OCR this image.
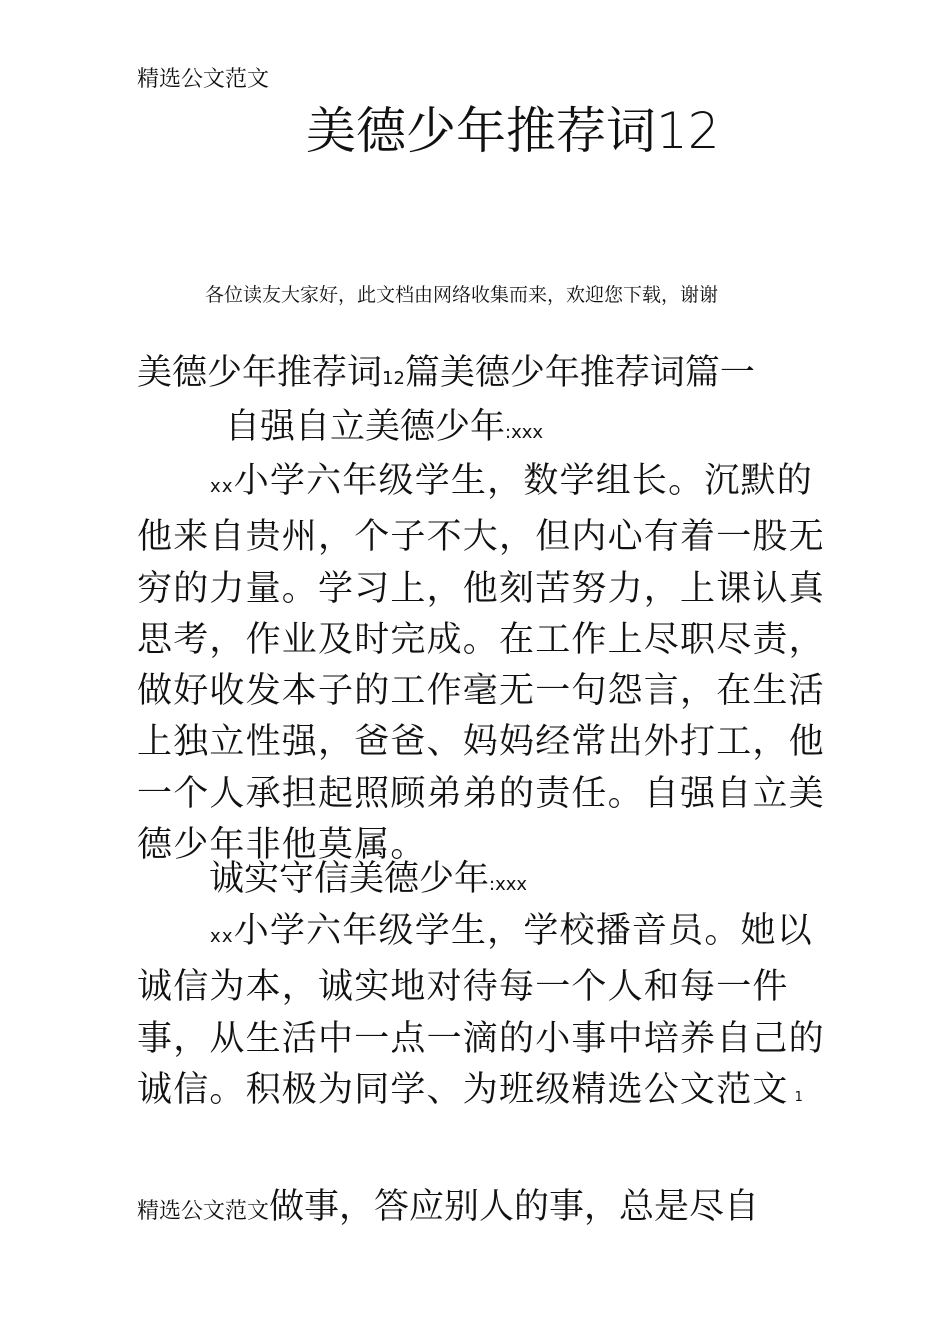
精选公文范文
美德少年推荐词12
各位读友大家好，此文档由网络收集而来，欢迎您下载，谢谢
美德少年推荐词12篇美德少年推荐词篇一
自强自立美德少年:xxx
xx小学六年级学生，数学组长。沉默的他来自贵州，个子不大，但内心有着一股无穷的力量。学习上，他刻苦努力，上课认真思考，作业及时完成。在工作上尽职尽责，做好收发本子的工作毫无一句怨言，在生活上独立性强，爸爸、妈妈经常出外打工，他一个人承担起照顾弟弟的责任。自强自立美德少年非他莫属。
诚实守信美德少年:xxx
xx小学六年级学生，学校播音员。她以诚信为本，诚实地对待每一个人和每一件事，从生活中一点一滴的小事中培养自己的诚信。积极为同学、为班级精选公文范文 1
精选公文范文做事，答应别人的事，总是尽自
